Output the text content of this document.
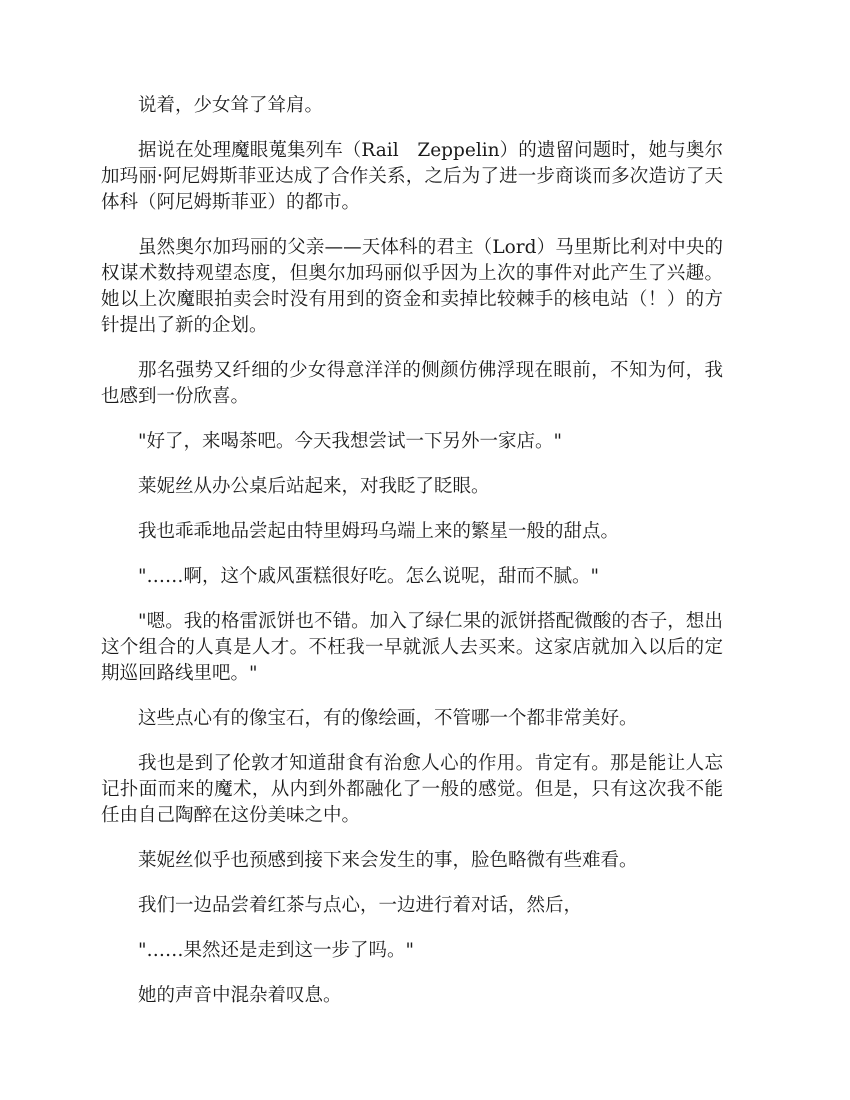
说着，少女耸了耸肩。

据说在处理魔眼蒐集列车（Rail　Zeppelin）的遗留问题时，她与奥尔加玛丽·阿尼姆斯菲亚达成了合作关系，之后为了进一步商谈而多次造访了天体科（阿尼姆斯菲亚）的都市。

虽然奥尔加玛丽的父亲——天体科的君主（Lord）马里斯比利对中央的权谋术数持观望态度，但奥尔加玛丽似乎因为上次的事件对此产生了兴趣。她以上次魔眼拍卖会时没有用到的资金和卖掉比较棘手的核电站（！）的方针提出了新的企划。

那名强势又纤细的少女得意洋洋的侧颜仿佛浮现在眼前，不知为何，我也感到一份欣喜。

"好了，来喝茶吧。今天我想尝试一下另外一家店。"

莱妮丝从办公桌后站起来，对我眨了眨眼。

我也乖乖地品尝起由特里姆玛乌端上来的繁星一般的甜点。

"……啊，这个戚风蛋糕很好吃。怎么说呢，甜而不腻。"

"嗯。我的格雷派饼也不错。加入了绿仁果的派饼搭配微酸的杏子，想出这个组合的人真是人才。不枉我一早就派人去买来。这家店就加入以后的定期巡回路线里吧。"

这些点心有的像宝石，有的像绘画，不管哪一个都非常美好。

我也是到了伦敦才知道甜食有治愈人心的作用。肯定有。那是能让人忘记扑面而来的魔术，从内到外都融化了一般的感觉。但是，只有这次我不能任由自己陶醉在这份美味之中。

莱妮丝似乎也预感到接下来会发生的事，脸色略微有些难看。

我们一边品尝着红茶与点心，一边进行着对话，然后，

"……果然还是走到这一步了吗。"

她的声音中混杂着叹息。
